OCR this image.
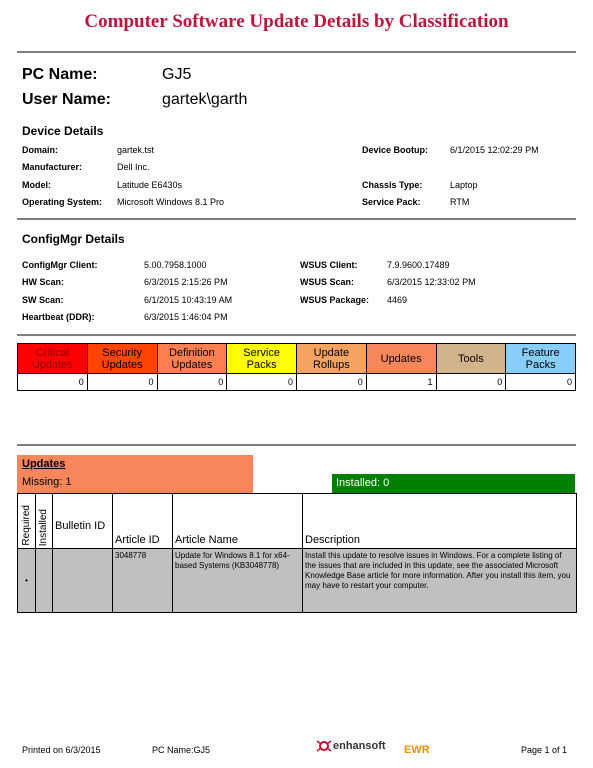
Computer Software Update Details by Classification
PC Name:	GJ5
User Name:	gartek\garth
Device Details
Domain:	gartek.tst
Manufacturer:	Dell Inc.
Model:	Latitude E6430s
Operating System:	Microsoft Windows 8.1 Pro
Device Bootup:	6/1/2015 12:02:29 PM
Chassis Type:	Laptop
Service Pack:	RTM
ConfigMgr Details
ConfigMgr Client:	5.00.7958.1000
HW Scan:	6/3/2015 2:15:26 PM
SW Scan:	6/1/2015 10:43:19 AM
Heartbeat (DDR):	6/3/2015 1:46:04 PM
WSUS Client:	7.9.9600.17489
WSUS Scan:	6/3/2015 12:33:02 PM
WSUS Package:	4469
Critical Updates	Security Updates	Definition Updates	Service Packs	Update Rollups	Updates	Tools	Feature Packs
0	0	0	0	0	1	0	0
Updates
Missing: 1	Installed: 0
Required	Installed	Bulletin ID	Article ID	Article Name	Description
•			3048778	Update for Windows 8.1 for x64-based Systems (KB3048778)	Install this update to resolve issues in Windows. For a complete listing of the issues that are included in this update, see the associated Microsoft Knowledge Base article for more information. After you install this item, you may have to restart your computer.
Printed on 6/3/2015	PC Name:GJ5	enhansoft EWR	Page 1 of 1
